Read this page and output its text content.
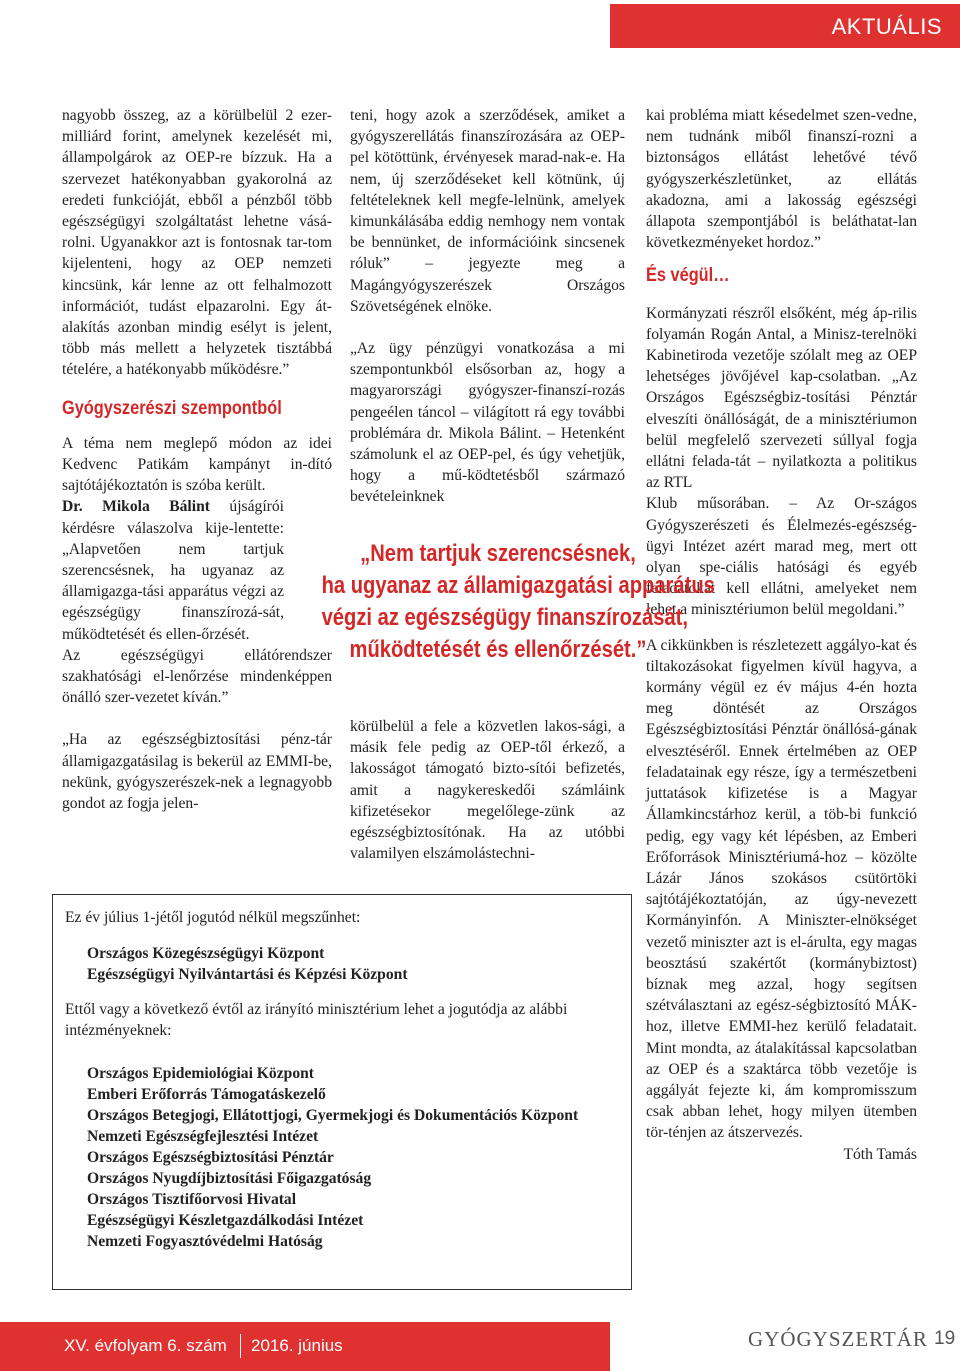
AKTUÁLIS

nagyobb összeg, az a körülbelül 2 ezer-milliárd forint, amelynek kezelését mi, állampolgárok az OEP-re bízzuk. Ha a szervezet hatékonyabban gyakorolná az eredeti funkcióját, ebből a pénzből több egészségügyi szolgáltatást lehetne vásá-rolni. Ugyanakkor azt is fontosnak tar-tom kijelenteni, hogy az OEP nemzeti kincsünk, kár lenne az ott felhalmozott információt, tudást elpazarolni. Egy át-alakítás azonban mindig esélyt is jelent, több más mellett a helyzetek tisztábbá tételére, a hatékonyabb működésre.”

Gyógyszerészi szempontból

A téma nem meglepő módon az idei Kedvenc Patikám kampányt in-dító sajtótájékoztatón is szóba került.

Dr. Mikola Bálint újságírói kérdésre válaszolva kije-lentette: „Alapvetően nem tartjuk szerencsésnek, ha ugyanaz az államigazga-tási apparátus végzi az egészségügy finanszírozá-sát, működtetését és ellen-őrzését.

Az egészségügyi ellátórendszer szakhatósági el-lenőrzése mindenképpen önálló szer-vezetet kíván.”

„Ha az egészségbiztosítási pénz-tár államigazgatásilag is bekerül az EMMI-be, nekünk, gyógyszerészek-nek a legnagyobb gondot az fogja jelen-

teni, hogy azok a szerződések, amiket a gyógyszerellátás finanszírozására az OEP-pel kötöttünk, érvényesek marad-nak-e. Ha nem, új szerződéseket kell kötnünk, új feltételeknek kell megfe-lelnünk, amelyek kimunkálásába eddig nemhogy nem vontak be bennünket, de információink sincsenek róluk” – jegyezte meg a Magángyógyszerészek Országos Szövetségének elnöke.

„Az ügy pénzügyi vonatkozása a mi szempontunkból elsősorban az, hogy a magyarországi gyógyszer-finanszí-rozás pengeélen táncol – világított rá egy további problémára dr. Mikola Bálint. – Hetenként számolunk el az OEP-pel, és úgy vehetjük, hogy a mű-ködtetésből származó bevételeinknek

körülbelül a fele a közvetlen lakos-sági, a másik fele pedig az OEP-től érkező, a lakosságot támogató bizto-sítói befizetés, amit a nagykereskedői számláink kifizetésekor megelőlege-zünk az egészségbiztosítónak. Ha az utóbbi valamilyen elszámolástechni-

kai probléma miatt késedelmet szen-vedne, nem tudnánk miből finanszí-rozni a biztonságos ellátást lehetővé tévő gyógyszerkészletünket, az ellátás akadozna, ami a lakosság egészségi állapota szempontjából is beláthatat-lan következményeket hordoz.”

És végül…

Kormányzati részről elsőként, még áp-rilis folyamán Rogán Antal, a Minisz-terelnöki Kabinetiroda vezetője szólalt meg az OEP lehetséges jövőjével kap-csolatban. „Az Országos Egészségbiz-tosítási Pénztár elveszíti önállóságát, de a minisztériumon belül megfelelő szervezeti súllyal fogja ellátni felada-tát – nyilatkozta a politikus az RTL

Klub műsorában. – Az Or-szágos Gyógyszerészeti és Élelmezés-egészség-ügyi Intézet azért marad meg, mert ott olyan spe-ciális hatósági és egyéb feladatokat kell ellátni, amelyeket nem lehet a minisztériumon belül megoldani.”

A cikkünkben is részletezett aggályo-kat és tiltakozásokat figyelmen kívül hagyva, a kormány végül ez év május 4-én hozta meg döntését az Országos Egészségbiztosítási Pénztár önállósá-gának elvesztéséről. Ennek értelmében az OEP feladatainak egy része, így a természetbeni juttatások kifizetése is a Magyar Államkincstárhoz kerül, a töb-bi funkció pedig, egy vagy két lépésben, az Emberi Erőforrások Minisztériumá-hoz – közölte Lázár János szokásos csütörtöki sajtótájékoztatóján, az úgy-nevezett Kormányinfón. A Miniszter-elnökséget vezető miniszter azt is el-árulta, egy magas beosztású szakértőt (kormánybiztost) bíznak meg azzal, hogy segítsen szétválasztani az egész-ségbiztosító MÁK-hoz, illetve EMMI-hez kerülő feladatait. Mint mondta, az átalakítással kapcsolatban az OEP és a szaktárca több vezetője is aggályát fejezte ki, ám kompromisszum csak abban lehet, hogy milyen ütemben tör-ténjen az átszervezés.

Tóth Tamás

„Nem tartjuk szerencsésnek,
ha ugyanaz az államigazgatási apparátus
végzi az egészségügy finanszírozását,
működtetését és ellenőrzését.”

Ez év július 1-jétől jogutód nélkül megszűnhet:

Országos Közegészségügyi Központ
Egészségügyi Nyilvántartási és Képzési Központ

Ettől vagy a következő évtől az irányító minisztérium lehet a jogutódja az alábbi intézményeknek:

Országos Epidemiológiai Központ
Emberi Erőforrás Támogatáskezelő
Országos Betegjogi, Ellátottjogi, Gyermekjogi és Dokumentációs Központ
Nemzeti Egészségfejlesztési Intézet
Országos Egészségbiztosítási Pénztár
Országos Nyugdíjbiztosítási Főigazgatóság
Országos Tisztifőorvosi Hivatal
Egészségügyi Készletgazdálkodási Intézet
Nemzeti Fogyasztóvédelmi Hatóság
XV. évfolyam 6. szám 2016. június	GYÓGYSZERTÁR 19
